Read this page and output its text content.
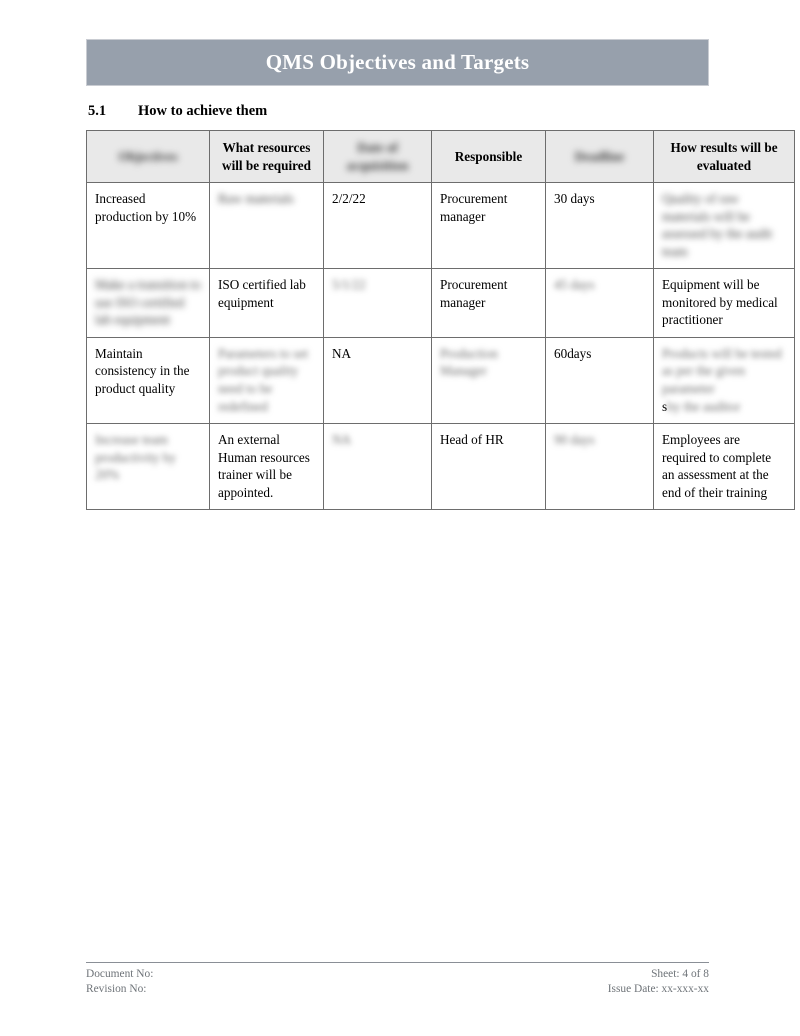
QMS Objectives and Targets
5.1 How to achieve them
Objectives	What resources will be required	Date of acquisition	Responsible	Deadline	How results will be evaluated
Increased production by 10%	Raw materials	2/2/22	Procurement manager	30 days	Quality of raw materials will be assessed by the audit team
Make a transition to use ISO certified lab equipment	ISO certified lab equipment	5/1/22	Procurement manager	45 days	Equipment will be monitored by medical practitioner
Maintain consistency in the product quality	Parameters to set product quality need to be redefined	NA	Production Manager	60days	Products will be tested as per the given parametersby the auditor
Increase team productivity by 20%	An external Human resources trainer will be appointed.	NA	Head of HR	90 days	Employees are required to complete an assessment at the end of their training
Document No:
Revision No:
Sheet: 4 of 8
Issue Date: xx-xxx-xx
